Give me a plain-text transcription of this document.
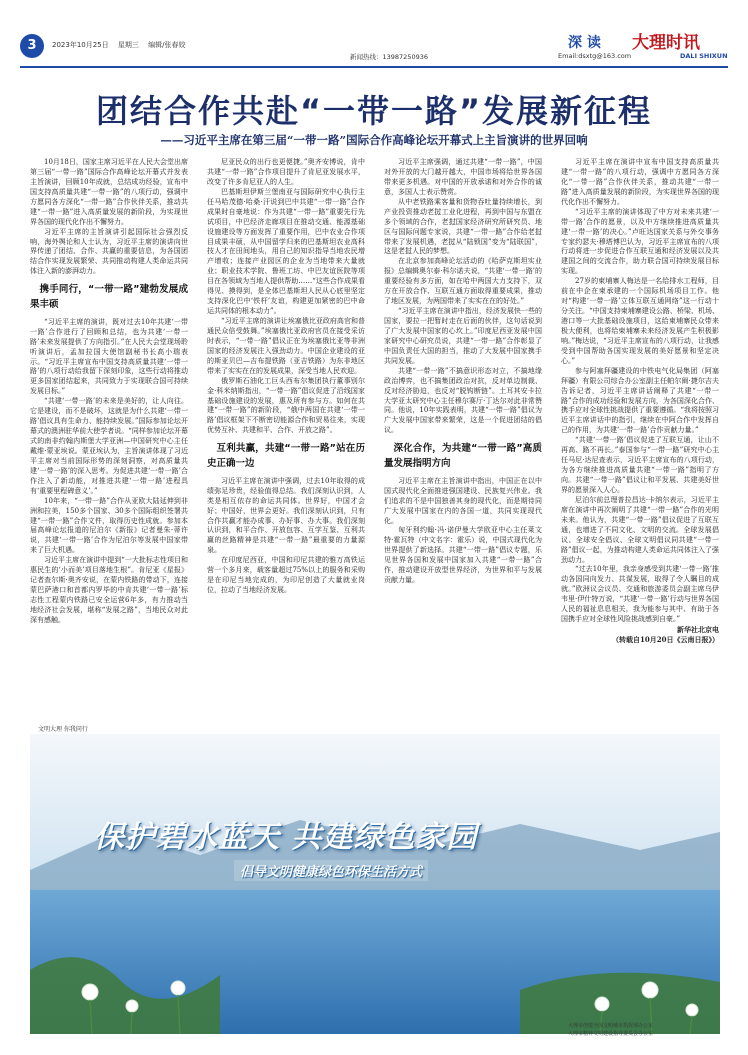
3	2023年10月25日 星期三 编辑/张春姣
新闻热线：13987250936	Email:dsxtg@163.com
深 读 大理时讯
DALI SHIXUN
团结合作共赴“一带一路”发展新征程
——习近平主席在第三届“一带一路”国际合作高峰论坛开幕式上主旨演讲的世界回响

10月18日，国家主席习近平在人民大会堂出席第三届“一带一路”国际合作高峰论坛开幕式并发表主旨演讲，回顾10年成就，总结成功经验，宣布中国支持高质量共建“一带一路”的八项行动，强调中方愿同各方深化“一带一路”合作伙伴关系，推动共建“一带一路”进入高质量发展的新阶段，为实现世界各国的现代化作出不懈努力。

习近平主席的主旨演讲引起国际社会强烈反响，海外舆论和人士认为，习近平主席的演讲向世界传递了团结、合作、共赢的重要信息，为各国团结合作实现发展繁荣、共同推动构建人类命运共同体注入新的澎湃动力。

携手同行，“一带一路”建勃发展成果丰硕

“习近平主席的演讲，既对过去10年共建‘一带一路’合作进行了回顾和总结，也为共建‘一带一路’未来发展提供了方向指引。”在人民大会堂现场聆听演讲后，孟加拉国大使馆副秘书长高小瑞表示。“习近平主席宣布中国支持高质量共建‘一带一路’的八项行动给我留下深刻印象，这些行动将推动更多国家团结起来，共同致力于实现联合国可持续发展目标。”

“共建‘一带一路’的未来是美好的，让人向往。它是建设，而不是破坏，这就是为什么共建‘一带一路’倡议具有生命力、能持续发展。”国际参加论坛开幕式的澳洲驻华前大使学者说。“同样参加论坛开幕式的南非约翰内斯堡大学亚洲—中国研究中心主任戴维·蒙亚埃说。蒙亚埃认为，主旨演讲体现了习近平主席对当前国际形势的深刻洞察，对高质量共建‘一带一路’的深入思考。为促进共建‘一带一路’合作注入了新动能，对推进共建‘一带一路’进程具有‘重要里程碑意义’。”

10年来，“一带一路”合作从亚欧大陆延伸到非洲和拉美，150多个国家、30多个国际组织签署共建“一带一路”合作文件，取得历史性成就。参加本届高峰论坛报道的尼泊尔《新报》记者曼朱·蒂许说，共建‘一带一路’合作为尼泊尔等发展中国家带来了巨大机遇。

习近平主席在演讲中提到“一大批标志性项目和惠民生的‘小而美’项目落地生根”。肯尼亚《星报》记者查尔斯·奥齐安说，在蒙内铁路的带动下，连接蒙巴萨港口和首都内罗毕的中肯共建‘一带一路’标志性工程蒙内铁路已安全运营6年多，有力推动当地经济社会发展，堪称“发展之路”，当地民众对此深有感触。

尼亚民众的出行也更便捷。”奥齐安博说，肯中共建“一带一路”合作项目提升了肯尼亚发展水平，改变了许多肯尼亚人的人生。

巴基斯坦伊斯兰堡南亚与国际研究中心执行主任马哈茂德·哈桑·汗说到巴中共建“一带一路”合作成果时自豪地说：作为共建“一带一路”重要先行先试项目，中巴经济走廊项目在推动交通、能源基础设施建设等方面发挥了重要作用，巴中农业合作项目成果丰硕，从中国留学归来的巴基斯坦农业高科技人才在田间地头，用自己的知识指导当地农民增产增收；连接产业园区的企业为当地带来大量就业；职业技术学院、鲁班工坊、中巴友谊医院等项目在各领域为当地人提供帮助……“这些合作成果看得见、摸得到，是全体巴基斯坦人民从心底里坚定支持深化巴中‘铁杆’友谊，构建更加紧密的巴中命运共同体的根本动力”。

“习近平主席的演讲让埃塞俄比亚政府高官和普通民众倍受鼓舞。”埃塞俄比亚政府官员在接受采访时表示，“一带一路”倡议正在为埃塞俄比亚等非洲国家的经济发展注入强劲动力。中国企业建设的亚的斯亚贝巴—吉布提铁路（亚吉铁路）为东非地区带来了实实在在的发展成果，深受当地人民欢迎。

俄罗斯石油化工巨头西布尔集团执行董事别尔金·科米纳斯指出，“一带一路”倡议促进了沿线国家基础设施建设的发展，惠及所有参与方。如何在共建“一带一路”的新阶段，“俄中两国在共建‘一带一路’倡议框架下不断密切能源合作和贸易往来，实现优势互补、共建和平、合作、开放之路”。

互利共赢，共建“一带一路”站在历史正确一边

习近平主席在演讲中强调，过去10年取得的成绩弥足珍贵，经验值得总结。我们深刻认识到，人类是相互依存的命运共同体。世界好，中国才会好；中国好，世界会更好。我们深刻认识到，只有合作共赢才能办成事、办好事、办大事。我们深刻认识到，和平合作、开放包容、互学互鉴、互利共赢的丝路精神是共建“一带一路”最重要的力量源泉。

在印度尼西亚，中国和印尼共建的雅万高铁运营一个多月来，载客量超过75%以上的服务和采购是在印尼当地完成的，为印尼创造了大量就业岗位，拉动了当地经济发展。

习近平主席强调，通过共建“一带一路”，中国对外开放的大门越开越大，中国市场将给世界各国带来更多机遇。对中国的开放承诺和对外合作的诚意，多国人士表示赞赏。

从中老铁路乘客量和货物吞吐量持续增长，到产业投资推动老挝工业化进程，再到中国与东盟在多个领域的合作，老挝国家经济研究所研究员、地区与国际问题专家说，共建“一带一路”合作给老挝带来了发展机遇，老挝从“陆锁国”变为“陆联国”，这是老挝人民的梦想。

在北京参加高峰论坛活动的《哈萨克斯坦实业报》总编辑奥尔泰·科尔诺夫说，“共建‘一带一路’的重要经验有多方面，如在哈中两国大力支持下，双方在开放合作、互联互通方面取得重要成果，推动了地区发展，为两国带来了实实在在的好处。”

“习近平主席在演讲中指出，经济发展快一些的国家，要拉一把暂时走在后面的伙伴，这句话说到了广大发展中国家的心坎上。”印度尼西亚发展中国家研究中心研究员说，共建“一带一路”合作彰显了中国负责任大国的担当，推动了大发展中国家携手共同发展。

共建“一带一路”不搞意识形态对立，不搞地缘政治博弈，也不搞集团政治对抗，反对单边制裁、反对经济胁迫，也反对“脱钩断链”。土耳其安卡拉大学亚太研究中心主任穆尔赛厅·丁达尔对此非常赞同。他说，10年实践表明，共建“一带一路”倡议为广大发展中国家带来繁荣，这是一个促进团结的倡议。

深化合作，为共建“一带一路”高质量发展指明方向

习近平主席在主旨演讲中指出，中国正在以中国式现代化全面推进强国建设、民族复兴伟业。我们追求的不是中国独善其身的现代化，而是期待同广大发展中国家在内的各国一道，共同实现现代化。

匈牙利约翰·冯·诺伊曼大学欧亚中心主任莱文特·霍瓦特（中文名字：霍乐）说，中国式现代化为世界提供了新选择。共建“一带一路”倡议专题，乐见世界各国和发展中国家加入共建“一带一路”合作，推动建设开放型世界经济，为世界和平与发展贡献力量。

习近平主席在演讲中宣布中国支持高质量共建“一带一路”的八项行动，强调中方愿同各方深化“一带一路”合作伙伴关系，推动共建“一带一路”进入高质量发展的新阶段，为实现世界各国的现代化作出不懈努力。

“习近平主席的演讲体现了中方对未来共建‘一带一路’合作的愿景，以及中方继续推进高质量共建‘一带一路’的决心。”卢旺达国家关系与外交事务专家约瑟夫·穆塔博巴认为，习近平主席宣布的八项行动将进一步促进合作互联互通和经济发展以及共建国之间的交流合作，助力联合国可持续发展目标实现。

27岁的柬埔寨人梅达是一名给排水工程师，目前在中企在柬承建的一个国际机场项目工作。他对“构建‘一带一路’立体互联互通网络”这一行动十分关注。“中国支持柬埔寨建设公路、桥梁、机场、港口等一大批基础设施项目，这给柬埔寨民众带来极大便利，也将给柬埔寨未来经济发展产生积极影响。”梅达说，“习近平主席宣布的八项行动，让我感受到中国帮助各国实现发展的美好愿景和坚定决心。”

参与阿塞拜疆建设的中铁电气化局集团（阿塞拜疆）有限公司综合办公室副主任帕尔阐·捷尔吉夫告诉记者，习近平主席讲话阐释了共建“一带一路”合作的成功经验和发展方向，为各国深化合作、携手应对全球性挑战提供了重要遵循。“我将按照习近平主席讲话中的指引，继续在中阿合作中发挥自己的作用，为共建‘一带一路’合作贡献力量。”

“共建‘一带一路’倡议促进了互联互通，让山不再高、路不再长。”泰国参与“一带一路”研究中心主任马尼·达尼查表示，习近平主席宣布的八项行动，为各方继续推进高质量共建“一带一路”指明了方向。共建“一带一路”倡议让和平发展、共建美好世界的愿景深入人心。

尼泊尔前总理普拉昌达·卡纳尔表示，习近平主席在演讲中再次阐明了共建“一带一路”合作的光明未来。他认为，共建“一带一路”倡议促进了互联互通，也增进了不同文化、文明的交流。全球发展倡议、全球安全倡议、全球文明倡议同共建“一带一路”倡议一起，为推动构建人类命运共同体注入了强劲动力。

“过去10年里，我亲身感受到共建‘一带一路’推动各国同向发力、共谋发展，取得了令人瞩目的成就。”欧洲议会议员、交通和旅游委员会副主席乌伊韦里·伊什特万说，“共建‘一带一路’行动与世界各国人民的福祉息息相关，我为能参与其中、有助于各国携手应对全球性风险挑战感到自豪。”

新华社北京电

（转载自10月20日《云南日报》）

文明大理 你我同行
保护碧水蓝天 共建绿色家园
倡导文明健康绿色环保生活方式
大理市创建全国文明城市指挥部办公室
大理市精神文明建设指导委员会办公室
